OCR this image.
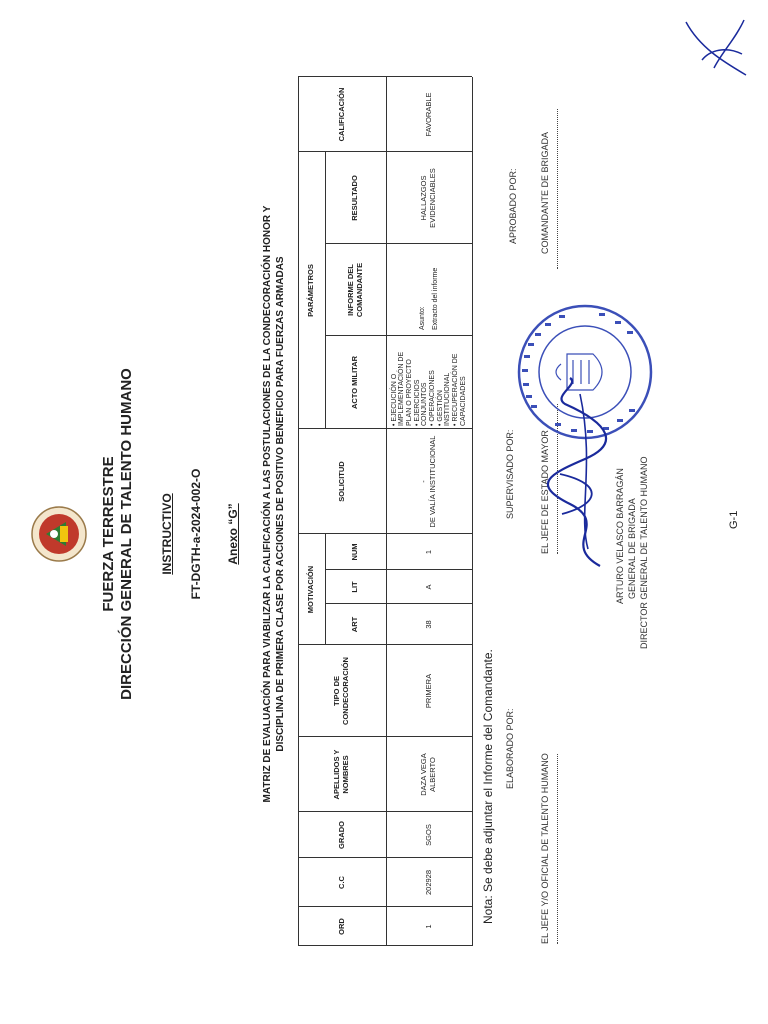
FUERZA TERRESTRE DIRECCIÓN GENERAL DE TALENTO HUMANO INSTRUCTIVO FT-DGTH-a-2024-002-O Anexo “G” MATRIZ DE EVALUACIÓN PARA VIABILIZAR LA CALIFICACIÓN A LAS POSTULACIONES DE LA CONDECORACIÓN HONOR Y DISCIPLINA DE PRIMERA CLASE POR ACCIONES DE POSITIVO BENEFICIO PARA FUERZAS ARMADAS
ORD
C.C
GRADO
APELLIDOS Y NOMBRES
TIPO DE CONDECORACIÓN
MOTIVACIÓN
ART
LIT
NUM
SOLICITUD
PARÁMETROS
ACTO MILITAR
INFORME DEL COMANDANTE
RESULTADO
CALIFICACIÓN
1
202928
SGOS
DAZA VEGA ALBERTO
PRIMERA
38
A
1
- DE VALÍA INSTITUCIONAL
• EJECUCIÓN O IMPLEMENTACIÓN DE PLAN O PROYECTO • EJERCICIOS CONJUNTOS • OPERACIONES
• GESTIÓN INSTITUCIONAL • RECUPERACIÓN DE CAPACIDADES
Asunto: Extracto del informe
HALLAZGOS EVIDENCIABLES
FAVORABLE
Nota: Se debe adjuntar el Informe del Comandante. ELABORADO POR:
EL JEFE Y/O OFICIAL DE TALENTO HUMANO
SUPERVISADO POR:	EL JEFE DE ESTADO MAYOR	ARTURO VELASCO BARRAGÁN GENERAL DE BRIGADA DIRECTOR GENERAL DE TALENTO HUMANO
APROBADO POR: COMANDANTE DE BRIGADA
G-1
